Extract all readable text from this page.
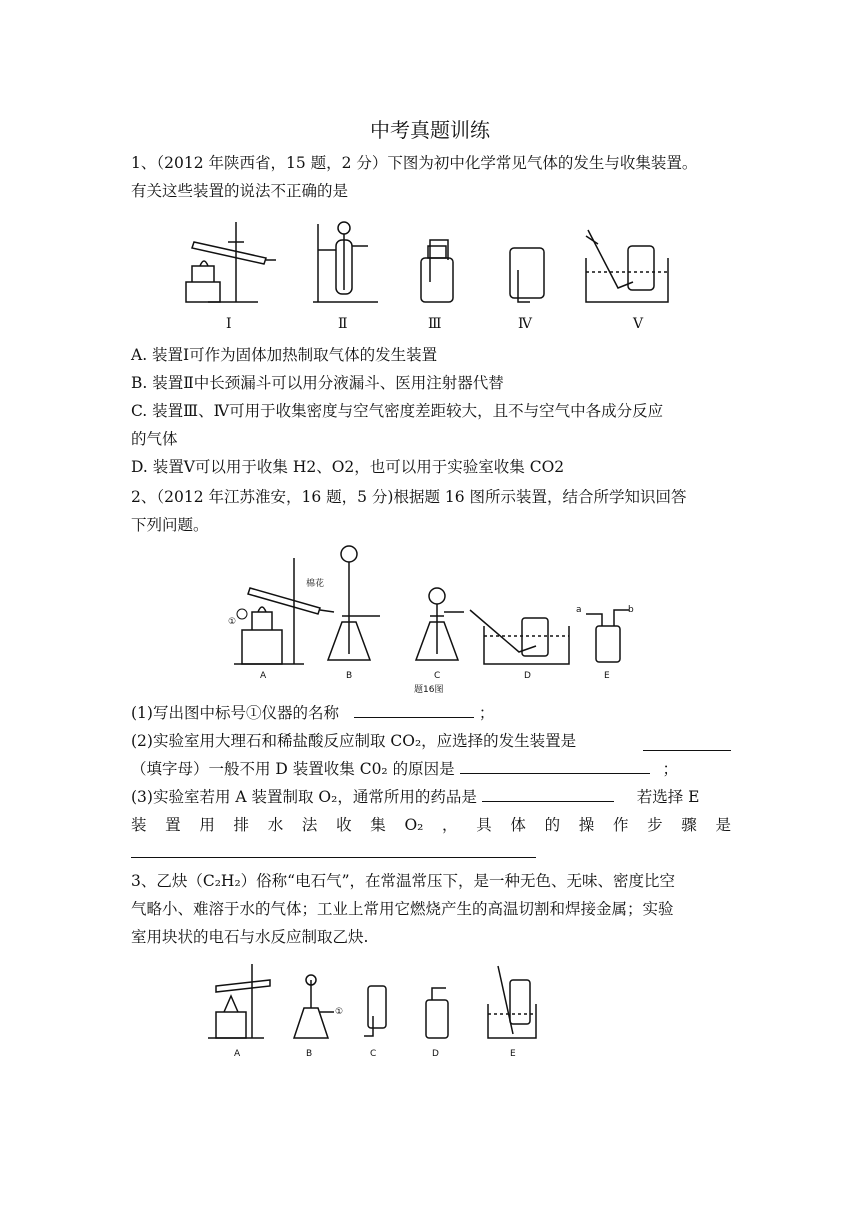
中考真题训练
1、（2012 年陕西省，15 题，2 分）下图为初中化学常见气体的发生与收集装置。
有关这些装置的说法不正确的是
Ⅰ	Ⅱ	Ⅲ	Ⅳ	Ⅴ
A. 装置Ⅰ可作为固体加热制取气体的发生装置
B. 装置Ⅱ中长颈漏斗可以用分液漏斗、医用注射器代替
C. 装置Ⅲ、Ⅳ可用于收集密度与空气密度差距较大，且不与空气中各成分反应
的气体
D. 装置Ⅴ可以用于收集 H2、O2，也可以用于实验室收集 CO2
2、（2012 年江苏淮安，16 题，5 分)根据题 16 图所示装置，结合所学知识回答
下列问题。
棉花
①
a	b
A	B	C	D	E
题16图
(1)写出图中标号①仪器的名称	；
(2)实验室用大理石和稀盐酸反应制取 CO₂，应选择的发生装置是
（填字母）一般不用 D 装置收集 C0₂ 的原因是	；
(3)实验室若用 A 装置制取 O₂，通常所用的药品是	若选择 E
装置用排水法收集O₂，具体的操作步骤是
3、乙炔（C₂H₂）俗称“电石气”，在常温常压下，是一种无色、无味、密度比空
气略小、难溶于水的气体；工业上常用它燃烧产生的高温切割和焊接金属；实验
室用块状的电石与水反应制取乙炔.
①
A	B	C	D	E
